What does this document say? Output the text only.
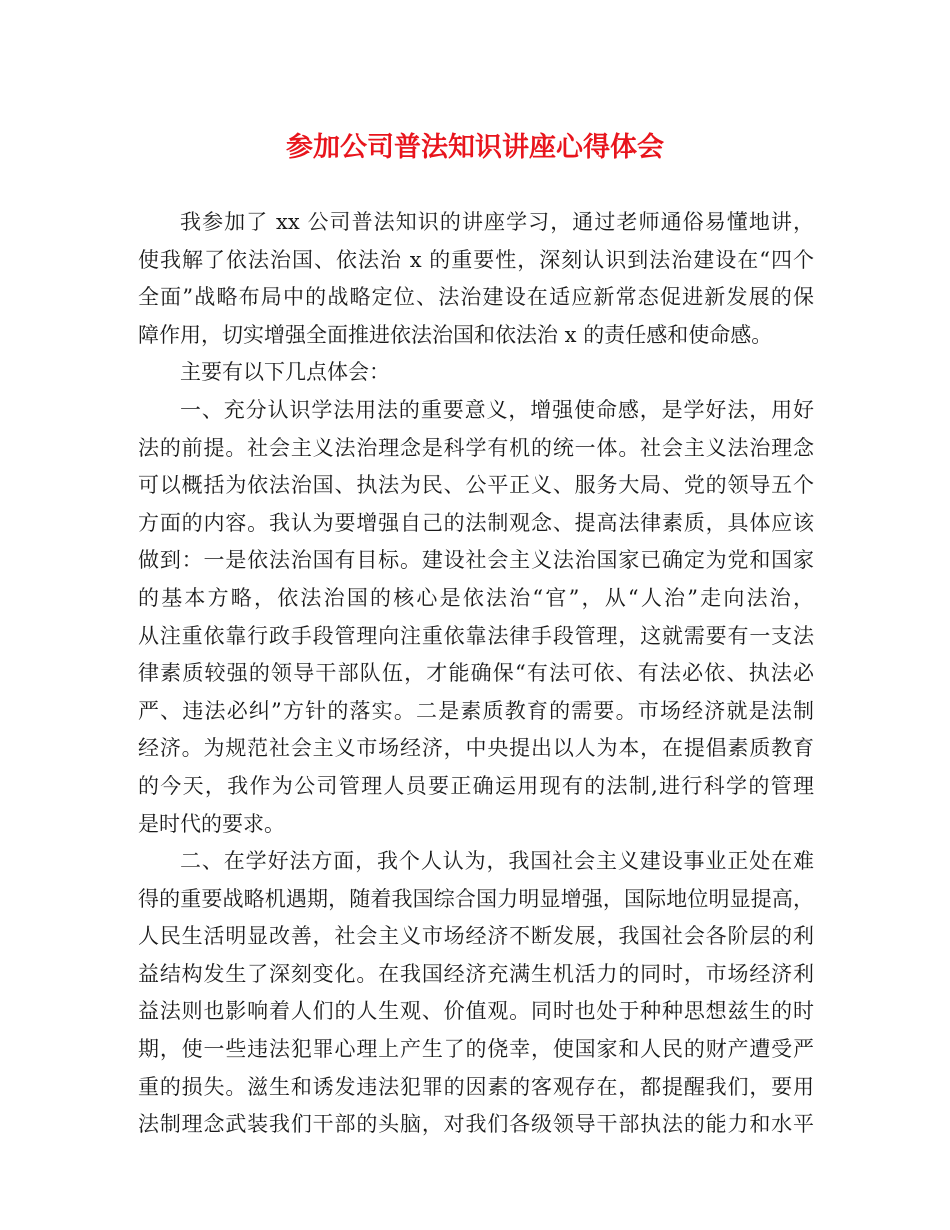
参加公司普法知识讲座心得体会
我参加了 xx 公司普法知识的讲座学习，通过老师通俗易懂地讲，
使我解了依法治国、依法治 x 的重要性，深刻认识到法治建设在“四个
全面”战略布局中的战略定位、法治建设在适应新常态促进新发展的保
障作用，切实增强全面推进依法治国和依法治 x 的责任感和使命感。
主要有以下几点体会：
一、充分认识学法用法的重要意义，增强使命感，是学好法，用好
法的前提。社会主义法治理念是科学有机的统一体。社会主义法治理念
可以概括为依法治国、执法为民、公平正义、服务大局、党的领导五个
方面的内容。我认为要增强自己的法制观念、提高法律素质，具体应该
做到：一是依法治国有目标。建设社会主义法治国家已确定为党和国家
的基本方略，依法治国的核心是依法治“官”，从“人治”走向法治，
从注重依靠行政手段管理向注重依靠法律手段管理，这就需要有一支法
律素质较强的领导干部队伍，才能确保“有法可依、有法必依、执法必
严、违法必纠”方针的落实。二是素质教育的需要。市场经济就是法制
经济。为规范社会主义市场经济，中央提出以人为本，在提倡素质教育
的今天，我作为公司管理人员要正确运用现有的法制,进行科学的管理
是时代的要求。
二、在学好法方面，我个人认为，我国社会主义建设事业正处在难
得的重要战略机遇期，随着我国综合国力明显增强，国际地位明显提高，
人民生活明显改善，社会主义市场经济不断发展，我国社会各阶层的利
益结构发生了深刻变化。在我国经济充满生机活力的同时，市场经济利
益法则也影响着人们的人生观、价值观。同时也处于种种思想兹生的时
期，使一些违法犯罪心理上产生了的侥幸，使国家和人民的财产遭受严
重的损失。滋生和诱发违法犯罪的因素的客观存在，都提醒我们，要用
法制理念武装我们干部的头脑，对我们各级领导干部执法的能力和水平
